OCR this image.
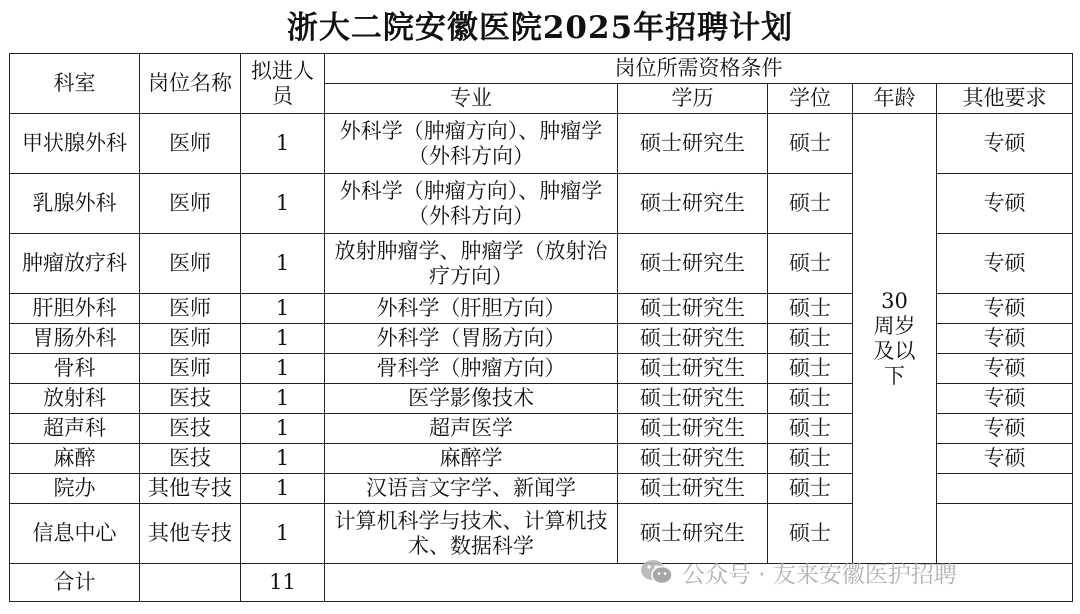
浙大二院安徽医院2025年招聘计划
科室	岗位名称	拟进人员	岗位所需资格条件				
			专业	学历	学位	年龄	其他要求
甲状腺外科	医师	1	外科学（肿瘤方向）、肿瘤学（外科方向）	硕士研究生	硕士	30周岁及以下	专硕
乳腺外科	医师	1	外科学（肿瘤方向）、肿瘤学（外科方向）	硕士研究生	硕士		专硕
肿瘤放疗科	医师	1	放射肿瘤学、肿瘤学（放射治疗方向）	硕士研究生	硕士		专硕
肝胆外科	医师	1	外科学（肝胆方向）	硕士研究生	硕士		专硕
胃肠外科	医师	1	外科学（胃肠方向）	硕士研究生	硕士		专硕
骨科	医师	1	骨科学（肿瘤方向）	硕士研究生	硕士		专硕
放射科	医技	1	医学影像技术	硕士研究生	硕士		专硕
超声科	医技	1	超声医学	硕士研究生	硕士		专硕
麻醉	医技	1	麻醉学	硕士研究生	硕士		专硕
院办	其他专技	1	汉语言文字学、新闻学	硕士研究生	硕士		
信息中心	其他专技	1	计算机科学与技术、计算机技术、数据科学	硕士研究生	硕士		
合计		11						公众号 · 友来安徽医护招聘
